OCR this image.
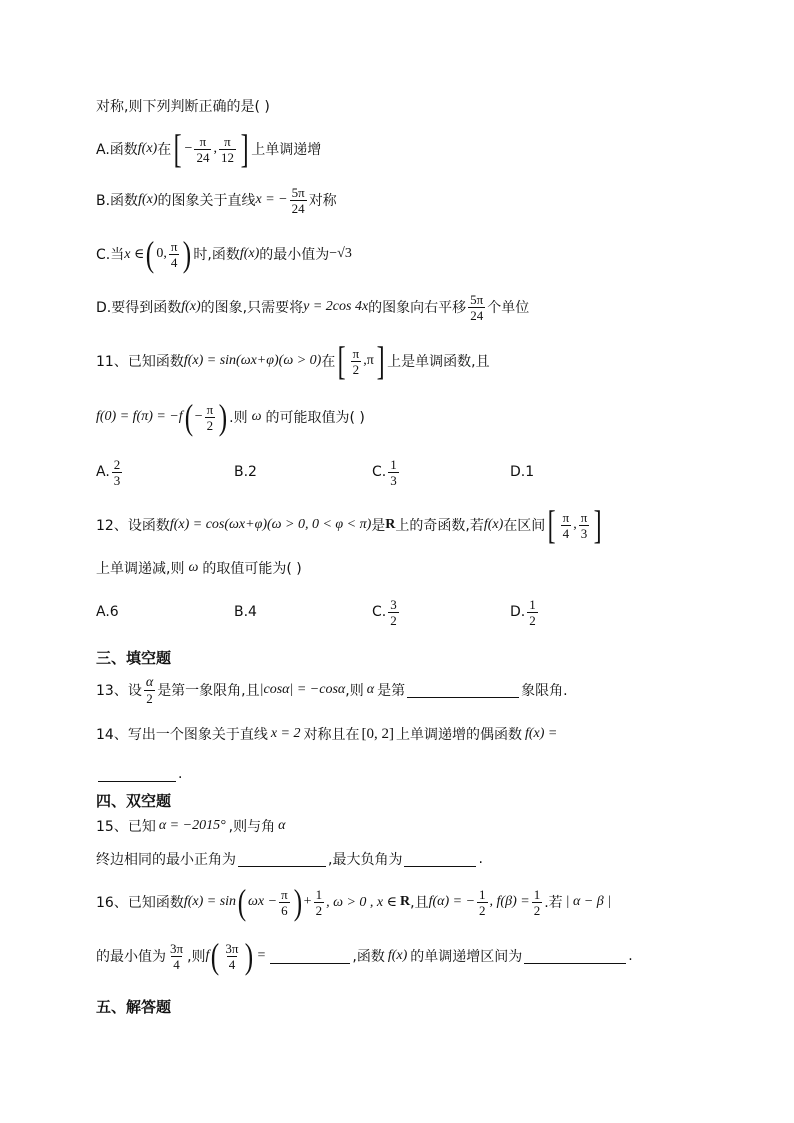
对称,则下列判断正确的是( )
A.函数 f(x) 在 [ − $\frac{\pi}{24}$ , $\frac{\pi}{12}$ ] 上单调递增
B.函数 f(x) 的图象关于直线 x = − $\frac{5\pi}{24}$ 对称
C.当 x ∈ ( 0, $\frac{\pi}{4}$ ) 时,函数 f(x) 的最小值为 −√3
D.要得到函数 f(x) 的图象,只需要将 y = 2cos 4x 的图象向右平移 $\frac{5\pi}{24}$ 个单位
11、已知函数 f(x) = sin(ωx+φ)(ω > 0) 在 [ $\frac{\pi}{2} ,\pi$ ] 上是单调函数,且
f(0) = f(π) = −f ( − $\frac{\pi}{2}$ ) .则 ω 的可能取值为( )
A. $\frac{2}{3}$	B.2	C. $\frac{1}{3}$	D.1
12、设函数 f(x) = cos(ωx+φ)(ω > 0, 0 < φ < π) 是 R 上的奇函数,若 f(x) 在区间 [ $\frac{\pi}{4}$ , $\frac{\pi}{3}$ ]
上单调递减,则 ω 的取值可能为( )
A.6	B.4	C. $\frac{3}{2}$	D. $\frac{1}{2}$
三、填空题
13、设 $\frac{\alpha}{2}$ 是第一象限角,且 |cosα| = −cosα ,则 α 是第	象限角.
14、写出一个图象关于直线 x = 2 对称且在 [0, 2] 上单调递增的偶函数 f(x) =
.
四、双空题
15、已知 α = −2015° ,则与角 α
终边相同的最小正角为	,最大负角为	.
16、已知函数 f(x) = sin ( $\omega x - \frac{\pi}{6}$ ) + $\frac{1}{2}$ , ω > 0 , x ∈ R ,且 f(α) = − $\frac{1}{2}$ , $f(\beta) = \frac{1}{2}$ .若 | α − β |
的最小值为 $\frac{3\pi}{4}$ ,则 f ( $\frac{3\pi}{4}$ ) =	,函数 f(x) 的单调递增区间为	.
五、解答题
